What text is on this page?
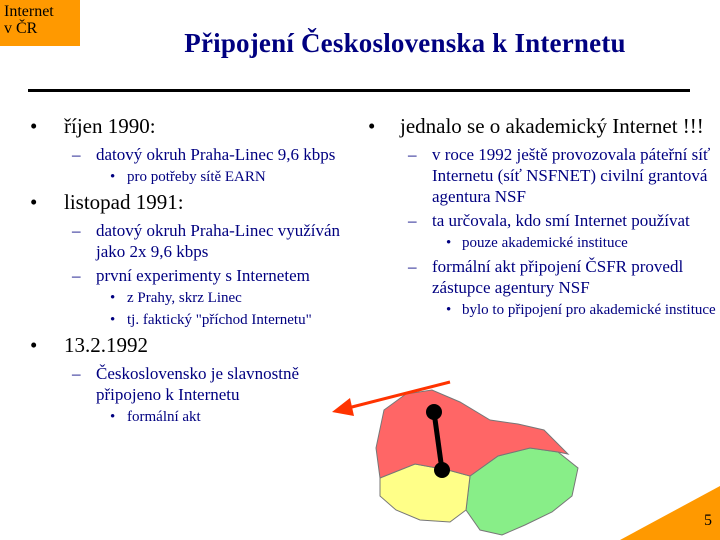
Internet
v ČR	Připojení Československa k Internetu
• říjen 1990:
– datový okruh Praha-Linec 9,6 kbps
• pro potřeby sítě EARN
• listopad 1991:
– datový okruh Praha-Linec využíván jako 2x 9,6 kbps
– první experimenty s Internetem
• z Prahy, skrz Linec
• tj. faktický "příchod Internetu"
• 13.2.1992
– Československo je slavnostně připojeno k Internetu
• formální akt
• jednalo se o akademický Internet !!!
– v roce 1992 ještě provozovala páteřní síť Internetu (síť NSFNET) civilní grantová agentura NSF
– ta určovala, kdo smí Internet používat
• pouze akademické instituce
– formální akt připojení ČSFR provedl zástupce agentury NSF
• bylo to připojení pro akademické instituce
5
